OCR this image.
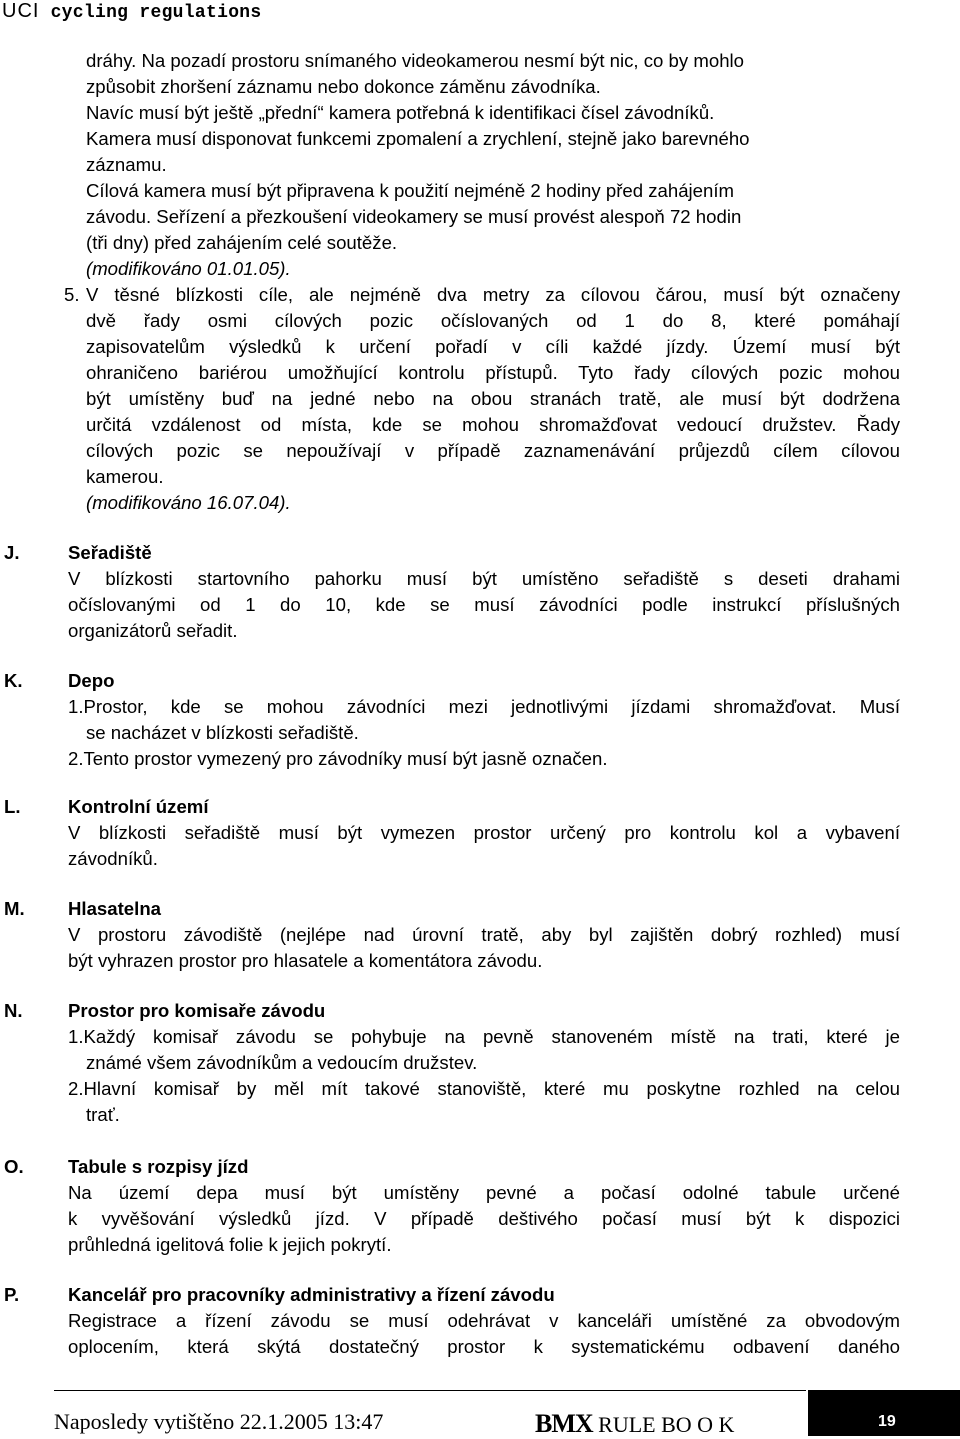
UCI cycling regulations
dráhy. Na pozadí prostoru snímaného videokamerou nesmí být nic, co by mohlo
způsobit zhoršení záznamu nebo dokonce záměnu závodníka.
Navíc musí být ještě „přední“ kamera potřebná k identifikaci čísel závodníků.
Kamera musí disponovat funkcemi zpomalení a zrychlení, stejně jako barevného
záznamu.
Cílová kamera musí být připravena k použití nejméně 2 hodiny před zahájením
závodu. Seřízení a přezkoušení videokamery se musí provést alespoň 72 hodin
(tři dny) před zahájením celé soutěže.
(modifikováno 01.01.05).
5. V těsné blízkosti cíle, ale nejméně dva metry za cílovou čárou, musí být označeny
dvě řady osmi cílových pozic očíslovaných od 1 do 8, které pomáhají
zapisovatelům výsledků k určení pořadí v cíli každé jízdy. Území musí být
ohraničeno bariérou umožňující kontrolu přístupů. Tyto řady cílových pozic mohou
být umístěny buď na jedné nebo na obou stranách tratě, ale musí být dodržena
určitá vzdálenost od místa, kde se mohou shromažďovat vedoucí družstev. Řady
cílových pozic se nepoužívají v případě zaznamenávání průjezdů cílem cílovou
kamerou.
(modifikováno 16.07.04).
J.	Seřadiště
V blízkosti startovního pahorku musí být umístěno seřadiště s deseti drahami
očíslovanými od 1 do 10, kde se musí závodníci podle instrukcí příslušných
organizátorů seřadit.
K. Depo
1.Prostor, kde se mohou závodníci mezi jednotlivými jízdami shromažďovat. Musí
se nacházet v blízkosti seřadiště.
2.Tento prostor vymezený pro závodníky musí být jasně označen.
L.	Kontrolní území
V blízkosti seřadiště musí být vymezen prostor určený pro kontrolu kol a vybavení
závodníků.
M. Hlasatelna
V prostoru závodiště (nejlépe nad úrovní tratě, aby byl zajištěn dobrý rozhled) musí
být vyhrazen prostor pro hlasatele a komentátora závodu.
N. Prostor pro komisaře závodu
1.Každý komisař závodu se pohybuje na pevně stanoveném místě na trati, které je
známé všem závodníkům a vedoucím družstev.
2.Hlavní komisař by měl mít takové stanoviště, které mu poskytne rozhled na celou
trať.
O. Tabule s rozpisy jízd
Na území depa musí být umístěny pevné a počasí odolné tabule určené
k vyvěšování výsledků jízd. V případě deštivého počasí musí být k dispozici
průhledná igelitová folie k jejich pokrytí.
P.	Kancelář pro pracovníky administrativy a řízení závodu
Registrace a řízení závodu se musí odehrávat v kanceláři umístěné za obvodovým
oplocením, která skýtá dostatečný prostor k systematickému odbavení daného
Naposledy vytištěno 22.1.2005 13:47	BMX RULE BO O K	19
